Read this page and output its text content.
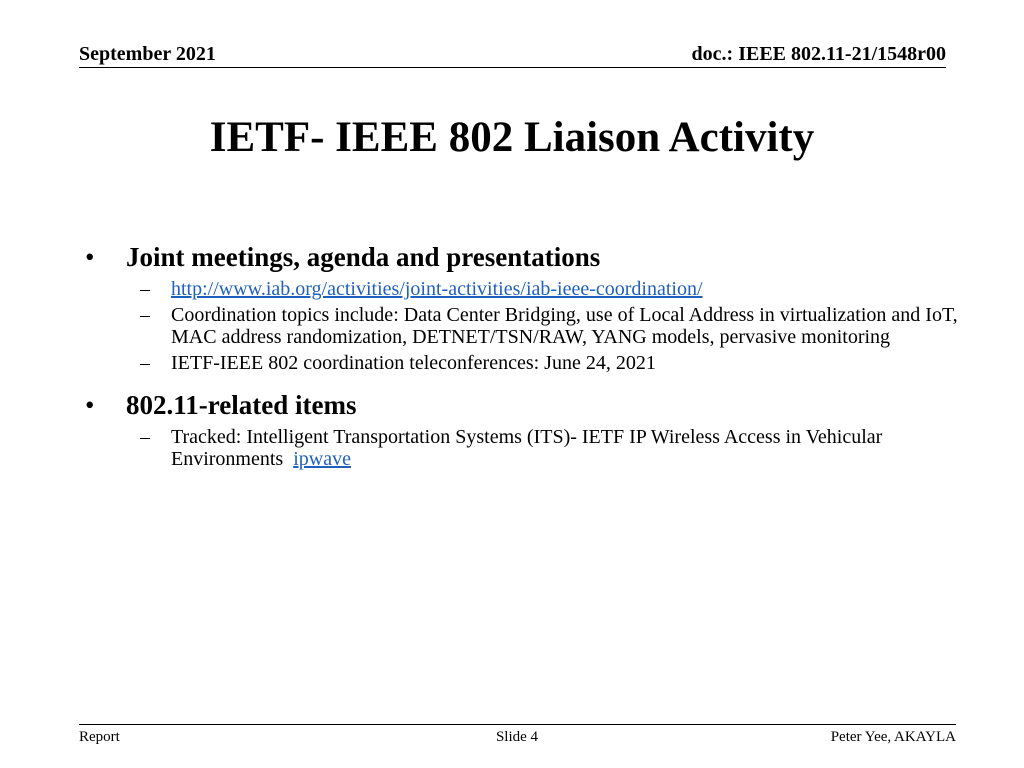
September 2021	doc.: IEEE 802.11-21/1548r00
IETF- IEEE 802 Liaison Activity
• Joint meetings, agenda and presentations
– http://www.iab.org/activities/joint-activities/iab-ieee-coordination/
– Coordination topics include: Data Center Bridging, use of Local Address in virtualization and IoT, MAC address randomization, DETNET/TSN/RAW, YANG models, pervasive monitoring
– IETF-IEEE 802 coordination teleconferences: June 24, 2021
• 802.11-related items
– Tracked: Intelligent Transportation Systems (ITS)- IETF IP Wireless Access in Vehicular Environments ipwave
Report	Slide 4	Peter Yee, AKAYLA
